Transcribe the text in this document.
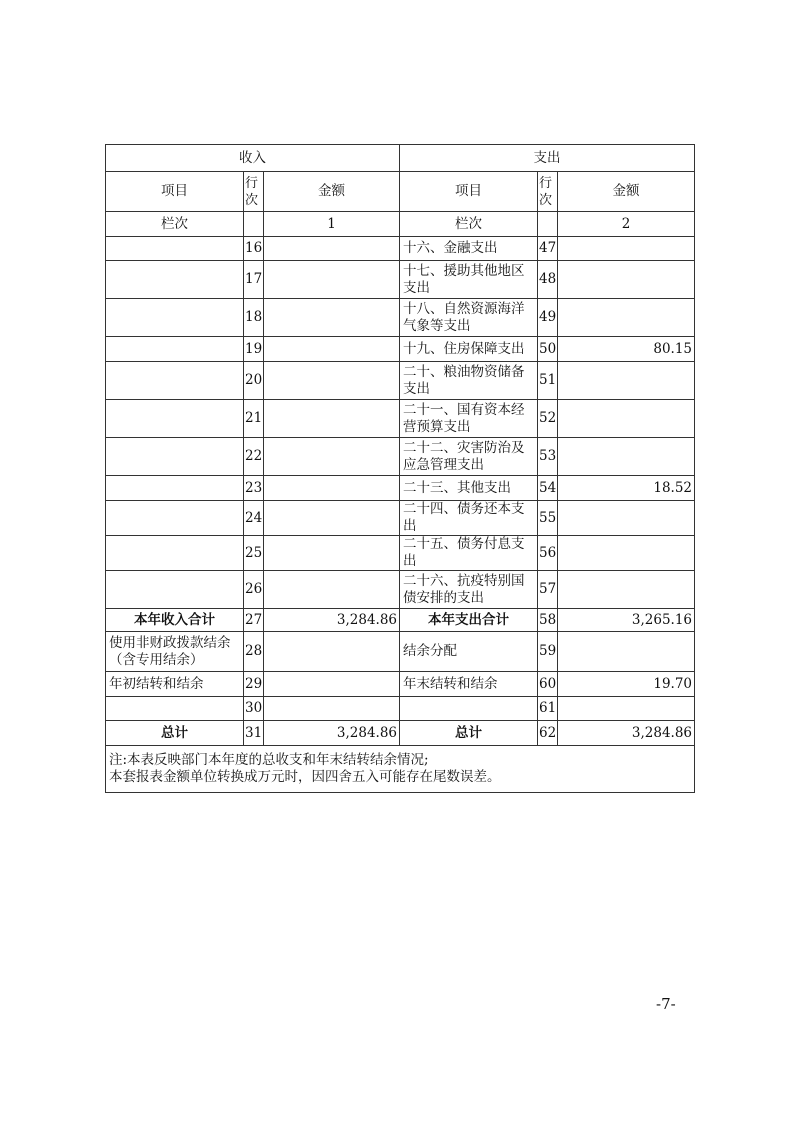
收入			支出		
项目	行次	金额	项目	行次	金额
栏次		1	栏次		2
	16		十六、金融支出	47	
	17		十七、援助其他地区支出	48	
	18		十八、自然资源海洋气象等支出	49	
	19		十九、住房保障支出	50	80.15
	20		二十、粮油物资储备支出	51	
	21		二十一、国有资本经营预算支出	52	
	22		二十二、灾害防治及应急管理支出	53	
	23		二十三、其他支出	54	18.52
	24		二十四、债务还本支出	55	
	25		二十五、债务付息支出	56	
	26		二十六、抗疫特别国债安排的支出	57	
本年收入合计	27	3,284.86	本年支出合计	58	3,265.16
使用非财政拨款结余（含专用结余）	28		结余分配	59	
年初结转和结余	29		年末结转和结余	60	19.70
	30			61	
总计	31	3,284.86	总计	62	3,284.86

注:本表反映部门本年度的总收支和年末结转结余情况;
本套报表金额单位转换成万元时，因四舍五入可能存在尾数误差。					
-7-
